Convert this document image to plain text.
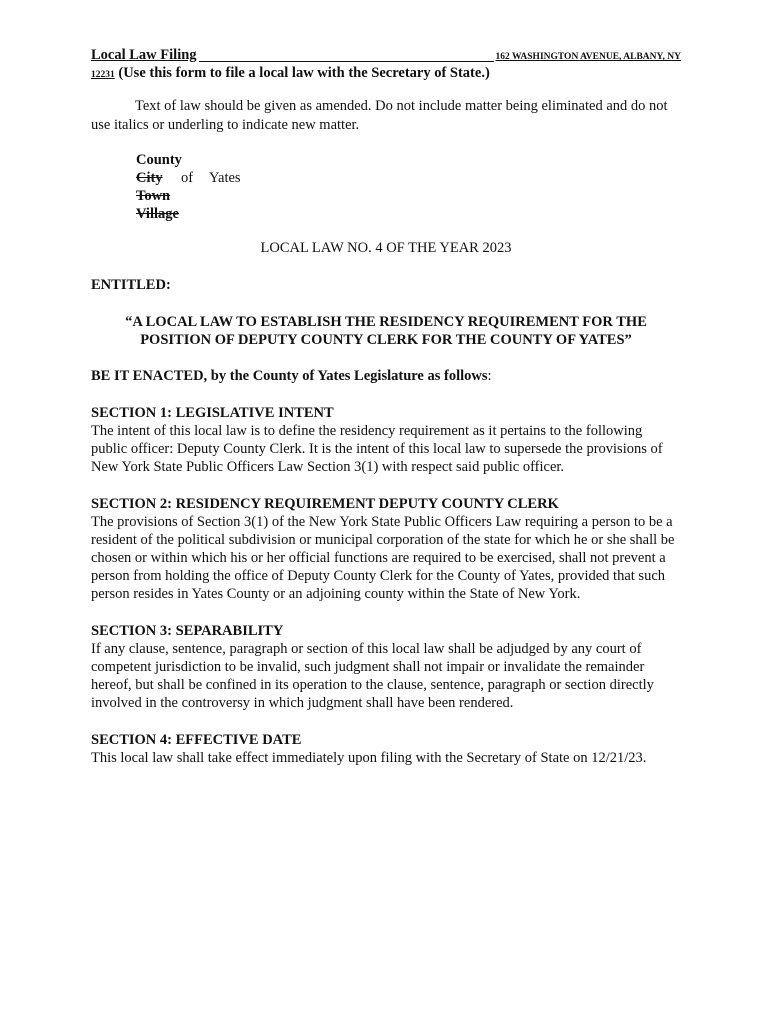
Local Law Filing	162 WASHINGTON AVENUE, ALBANY, NY
12231 (Use this form to file a local law with the Secretary of State.)
Text of law should be given as amended. Do not include matter being eliminated and do not use italics or underling to indicate new matter.
County
City	of	Yates
Town
Village
LOCAL LAW NO. 4 OF THE YEAR 2023
ENTITLED:
“A LOCAL LAW TO ESTABLISH THE RESIDENCY REQUIREMENT FOR THE POSITION OF DEPUTY COUNTY CLERK FOR THE COUNTY OF YATES”
BE IT ENACTED, by the County of Yates Legislature as follows:
SECTION 1: LEGISLATIVE INTENT
The intent of this local law is to define the residency requirement as it pertains to the following public officer: Deputy County Clerk. It is the intent of this local law to supersede the provisions of New York State Public Officers Law Section 3(1) with respect said public officer.
SECTION 2: RESIDENCY REQUIREMENT DEPUTY COUNTY CLERK
The provisions of Section 3(1) of the New York State Public Officers Law requiring a person to be a resident of the political subdivision or municipal corporation of the state for which he or she shall be chosen or within which his or her official functions are required to be exercised, shall not prevent a person from holding the office of Deputy County Clerk for the County of Yates, provided that such person resides in Yates County or an adjoining county within the State of New York.
SECTION 3: SEPARABILITY
If any clause, sentence, paragraph or section of this local law shall be adjudged by any court of competent jurisdiction to be invalid, such judgment shall not impair or invalidate the remainder hereof, but shall be confined in its operation to the clause, sentence, paragraph or section directly involved in the controversy in which judgment shall have been rendered.
SECTION 4: EFFECTIVE DATE
This local law shall take effect immediately upon filing with the Secretary of State on 12/21/23.
